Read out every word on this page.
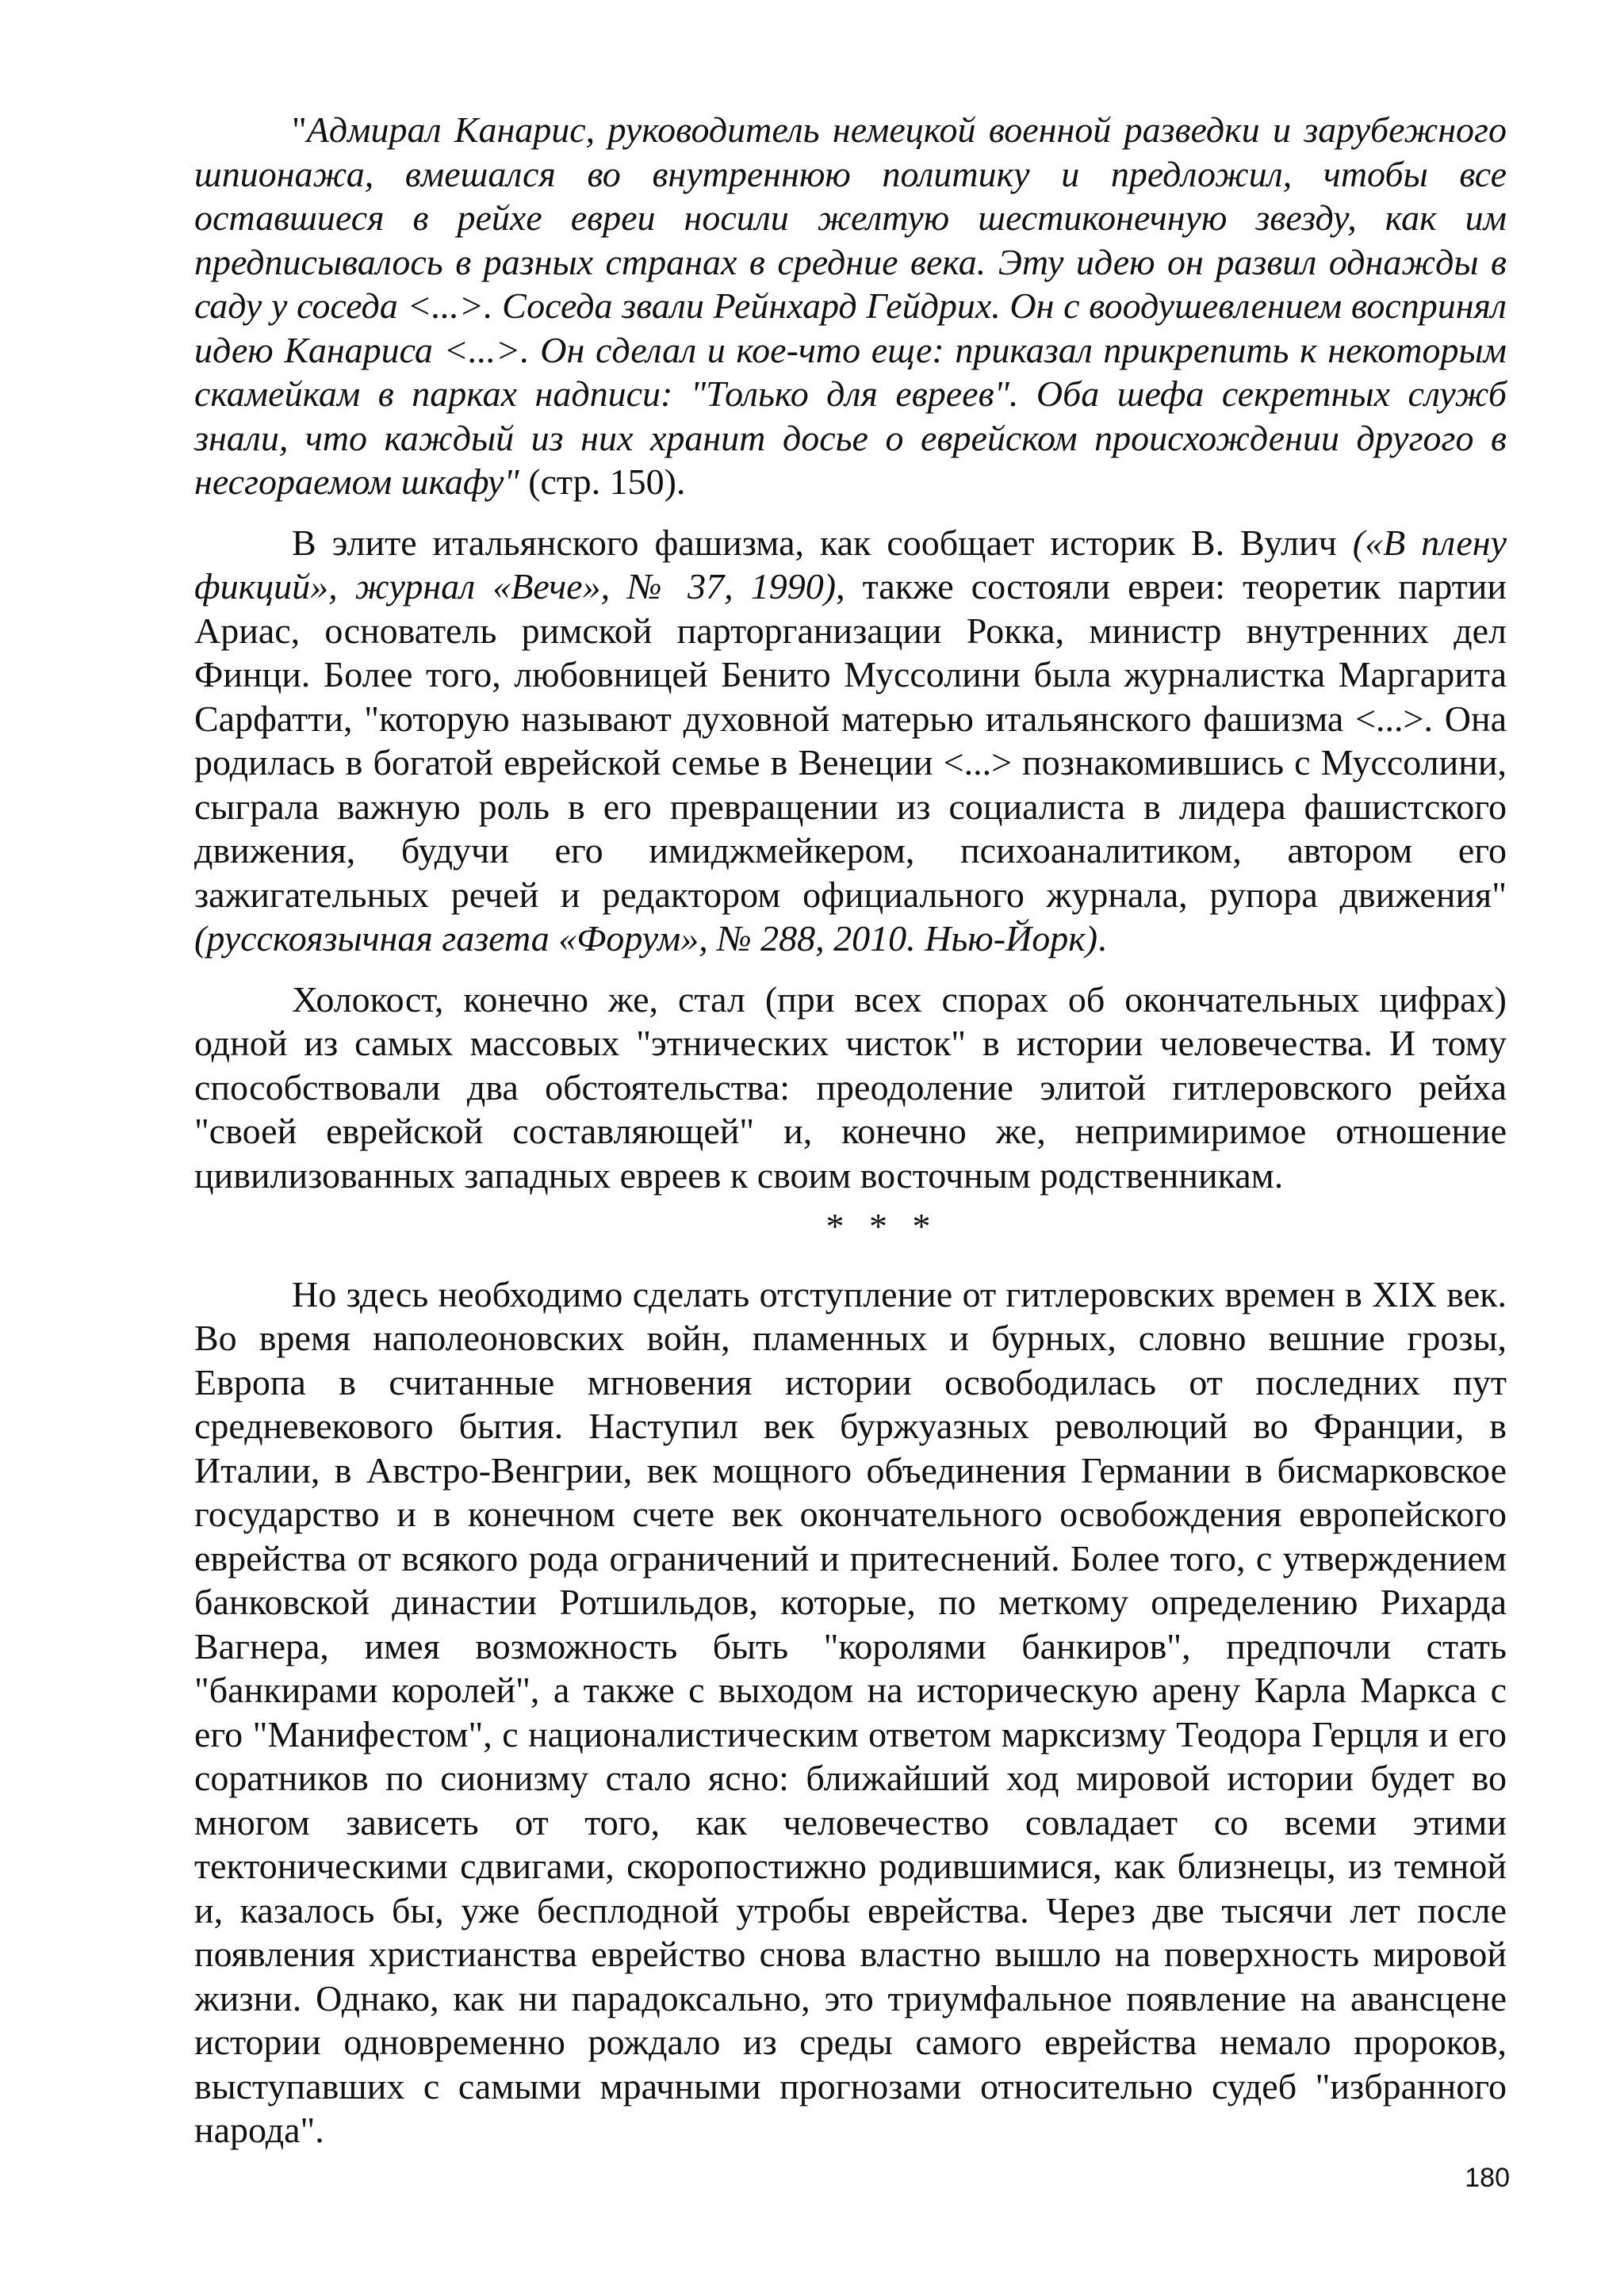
"Адмирал Канарис, руководитель немецкой военной разведки и зарубежного шпионажа, вмешался во внутреннюю политику и предложил, чтобы все оставшиеся в рейхе евреи носили желтую шестиконечную звезду, как им предписывалось в разных странах в средние века. Эту идею он развил однажды в саду у соседа <...>. Соседа звали Рейнхард Гейдрих. Он с воодушевлением воспринял идею Канариса <...>. Он сделал и кое-что еще: приказал прикрепить к некоторым скамейкам в парках надписи: "Только для евреев". Оба шефа секретных служб знали, что каждый из них хранит досье о еврейском происхождении другого в несгораемом шкафу" (стр. 150).

В элите итальянского фашизма, как сообщает историк В. Вулич («В плену фикций», журнал «Вече», № 37, 1990), также состояли евреи: теоретик партии Ариас, основатель римской парторганизации Рокка, министр внутренних дел Финци. Более того, любовницей Бенито Муссолини была журналистка Маргарита Сарфатти, "которую называют духовной матерью итальянского фашизма <...>. Она родилась в богатой еврейской семье в Венеции <...> познакомившись с Муссолини, сыграла важную роль в его превращении из социалиста в лидера фашистского движения, будучи его имиджмейкером, психоаналитиком, автором его зажигательных речей и редактором официального журнала, рупора движения" (русскоязычная газета «Форум», № 288, 2010. Нью-Йорк).

Холокост, конечно же, стал (при всех спорах об окончательных цифрах) одной из самых массовых "этнических чисток" в истории человечества. И тому способствовали два обстоятельства: преодоление элитой гитлеровского рейха "своей еврейской составляющей" и, конечно же, непримиримое отношение цивилизованных западных евреев к своим восточным родственникам.

* * *

Но здесь необходимо сделать отступление от гитлеровских времен в XIX век. Во время наполеоновских войн, пламенных и бурных, словно вешние грозы, Европа в считанные мгновения истории освободилась от последних пут средневекового бытия. Наступил век буржуазных революций во Франции, в Италии, в Австро-Венгрии, век мощного объединения Германии в бисмарковское государство и в конечном счете век окончательного освобождения европейского еврейства от всякого рода ограничений и притеснений. Более того, с утверждением банковской династии Ротшильдов, которые, по меткому определению Рихарда Вагнера, имея возможность быть "королями банкиров", предпочли стать "банкирами королей", а также с выходом на историческую арену Карла Маркса с его "Манифестом", с националистическим ответом марксизму Теодора Герцля и его соратников по сионизму стало ясно: ближайший ход мировой истории будет во многом зависеть от того, как человечество совладает со всеми этими тектоническими сдвигами, скоропостижно родившимися, как близнецы, из темной и, казалось бы, уже бесплодной утробы еврейства. Через две тысячи лет после появления христианства еврейство снова властно вышло на поверхность мировой жизни. Однако, как ни парадоксально, это триумфальное появление на авансцене истории одновременно рождало из среды самого еврейства немало пророков, выступавших с самыми мрачными прогнозами относительно судеб "избранного народа".

180
